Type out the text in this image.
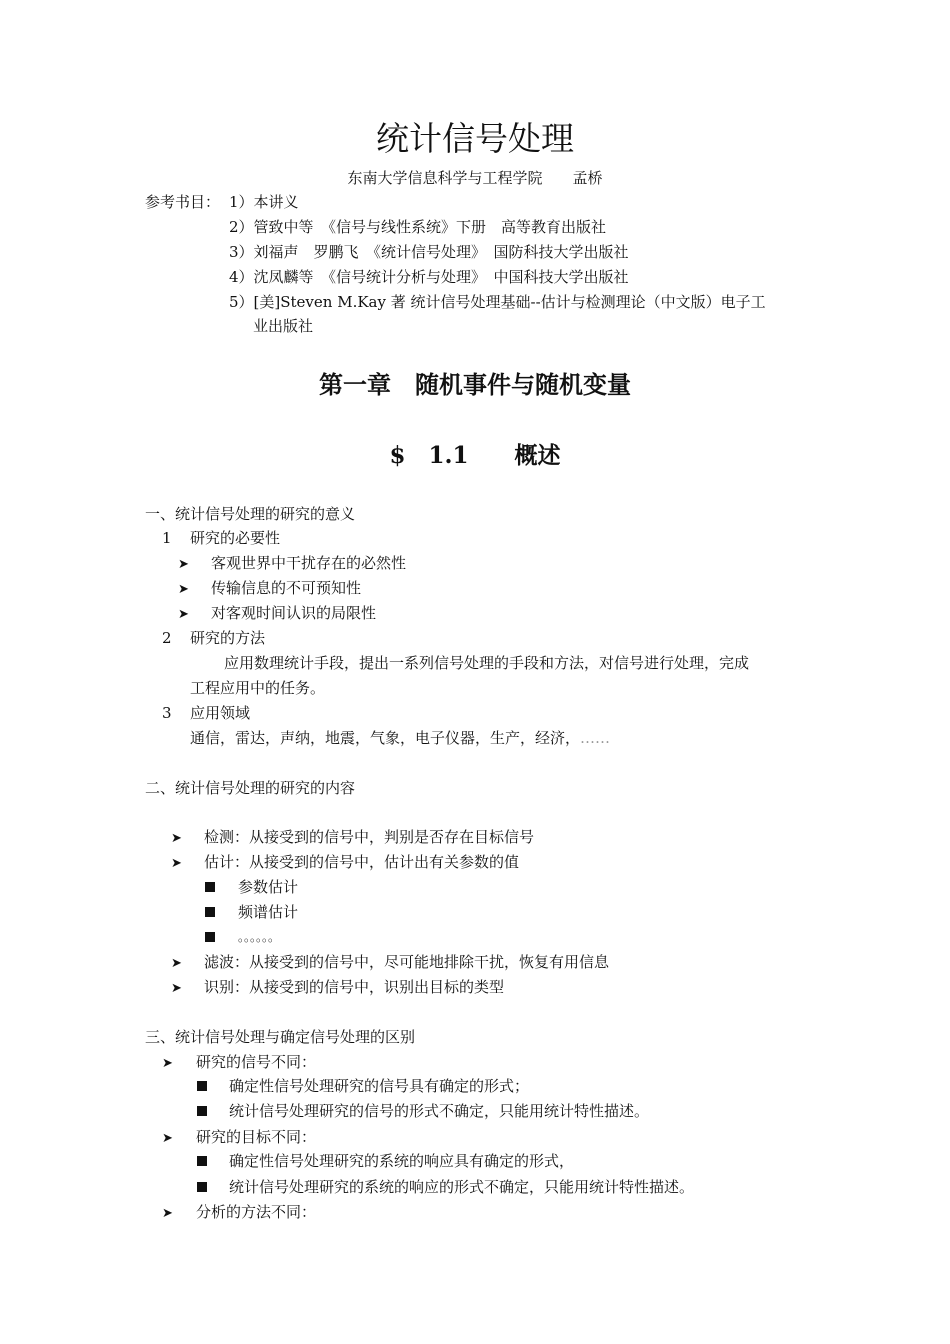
统计信号处理
东南大学信息科学与工程学院　　孟桥
参考书目： 1）本讲义
2）管致中等　《信号与线性系统》下册　高等教育出版社
3）刘福声　罗鹏飞　《统计信号处理》　国防科技大学出版社
4）沈凤麟等　《信号统计分析与处理》　中国科技大学出版社
5）[美]Steven M.Kay 著 统计信号处理基础--估计与检测理论（中文版）电子工
业出版社
第一章　随机事件与随机变量
$　1.1　　概述
一、统计信号处理的研究的意义
1 研究的必要性
➤	客观世界中干扰存在的必然性
➤	传输信息的不可预知性
➤	对客观时间认识的局限性
2 研究的方法
应用数理统计手段，提出一系列信号处理的手段和方法，对信号进行处理，完成
工程应用中的任务。
3 应用领域
通信，雷达，声纳，地震，气象，电子仪器，生产，经济，……
二、统计信号处理的研究的内容
➤	检测：从接受到的信号中，判别是否存在目标信号
➤	估计：从接受到的信号中，估计出有关参数的值
参数估计
频谱估计
。。。。。。
➤	滤波：从接受到的信号中，尽可能地排除干扰，恢复有用信息
➤	识别：从接受到的信号中，识别出目标的类型
三、统计信号处理与确定信号处理的区别
➤	研究的信号不同：
确定性信号处理研究的信号具有确定的形式；
统计信号处理研究的信号的形式不确定，只能用统计特性描述。
➤	研究的目标不同：
确定性信号处理研究的系统的响应具有确定的形式，
统计信号处理研究的系统的响应的形式不确定，只能用统计特性描述。
➤	分析的方法不同：
